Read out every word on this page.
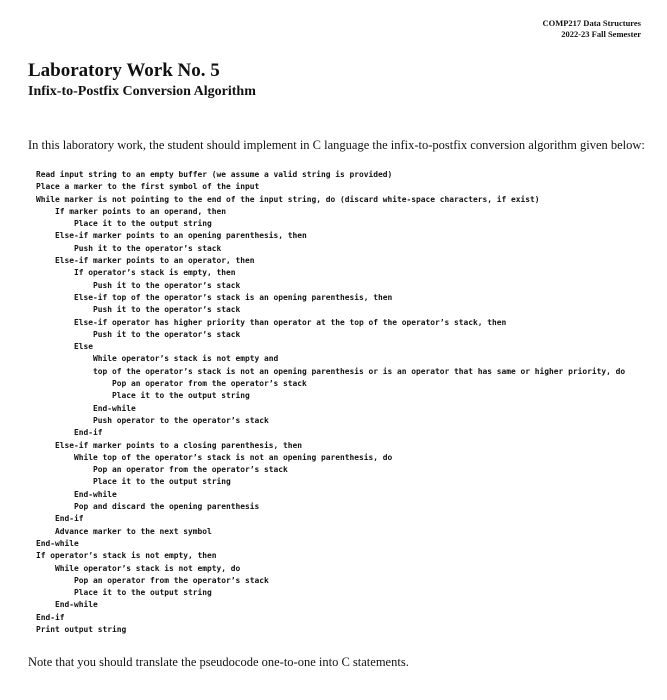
COMP217 Data Structures
2022-23 Fall Semester
Laboratory Work No. 5
Infix-to-Postfix Conversion Algorithm
In this laboratory work, the student should implement in C language the infix-to-postfix conversion algorithm given below:
Read input string to an empty buffer (we assume a valid string is provided)
Place a marker to the first symbol of the input
While marker is not pointing to the end of the input string, do (discard white-space characters, if exist)
If marker points to an operand, then
Place it to the output string
Else-if marker points to an opening parenthesis, then
Push it to the operator’s stack
Else-if marker points to an operator, then
If operator’s stack is empty, then
Push it to the operator’s stack
Else-if top of the operator’s stack is an opening parenthesis, then
Push it to the operator’s stack
Else-if operator has higher priority than operator at the top of the operator’s stack, then
Push it to the operator’s stack
Else
While operator’s stack is not empty and
top of the operator’s stack is not an opening parenthesis or is an operator that has same or higher priority, do
Pop an operator from the operator’s stack
Place it to the output string
End-while
Push operator to the operator’s stack
End-if
Else-if marker points to a closing parenthesis, then
While top of the operator’s stack is not an opening parenthesis, do
Pop an operator from the operator’s stack
Place it to the output string
End-while
Pop and discard the opening parenthesis
End-if
Advance marker to the next symbol
End-while
If operator’s stack is not empty, then
While operator’s stack is not empty, do
Pop an operator from the operator’s stack
Place it to the output string
End-while
End-if
Print output string
Note that you should translate the pseudocode one-to-one into C statements.
